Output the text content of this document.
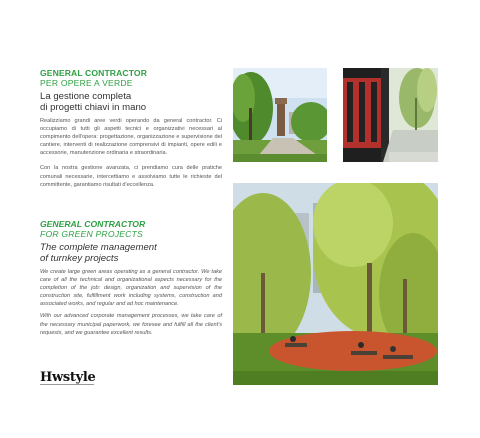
GENERAL CONTRACTOR
PER OPERE A VERDE
La gestione completa
di progetti chiavi in mano
Realizziamo grandi aree verdi operando da general contractor. Ci occupiamo di tutti gli aspetti tecnici e organizzativi necessari al compimento dell'opera: progettazione, organizzazione e supervisione del cantiere, interventi di realizzazione comprensivi di impianti, opere edili e accessorie, manutenzione ordinaria e straordinaria.
Con la nostra gestione avanzata, ci prendiamo cura delle pratiche comunali necessarie, intercettiamo e assolviamo tutte le richieste del committente, garantiamo risultati d'eccellenza.
GENERAL CONTRACTOR
FOR GREEN PROJECTS
The complete management
of turnkey projects
We create large green areas operating as a general contractor. We take care of all the technical and organizational aspects necessary for the completion of the job: design, organization and supervision of the construction site, fulfillment work including systems, construction and associated works, and regular and ad hoc maintenance.
With our advanced corporate management processes, we take care of the necessary municipal paperwork, we foresee and fulfill all the client's requests, and we guarantee excellent results.
Hwstyle
